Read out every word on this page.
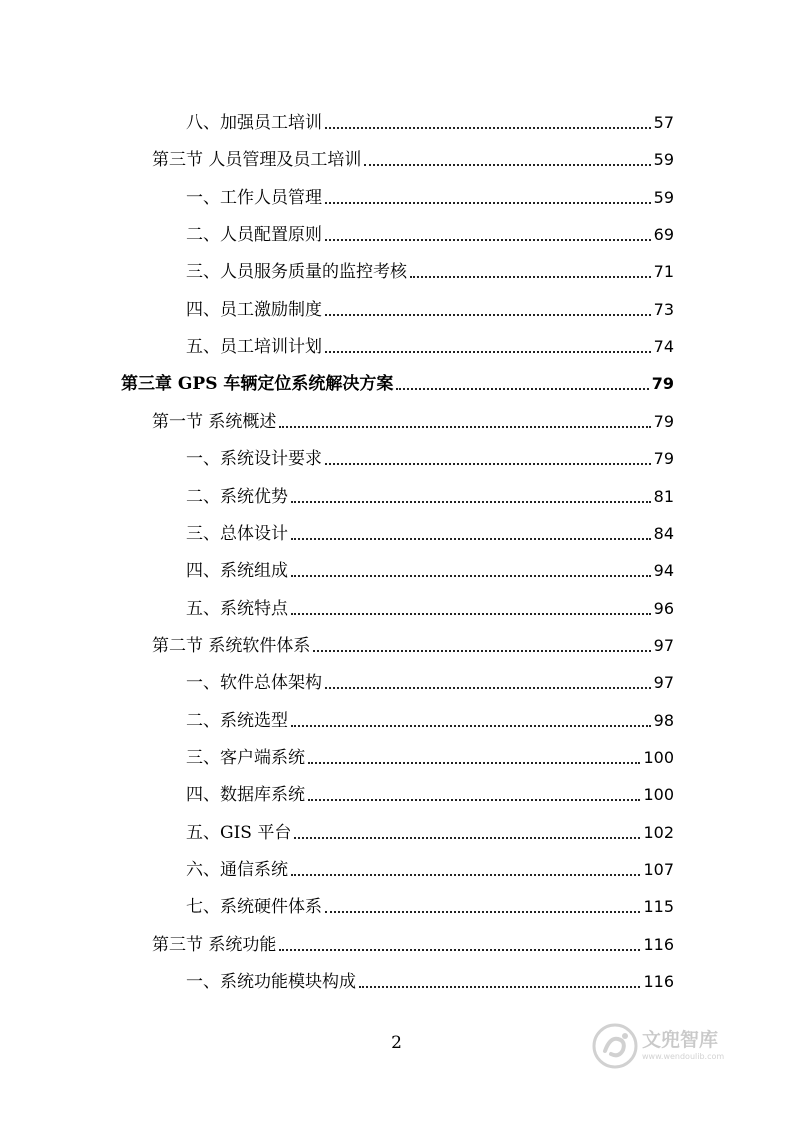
八、加强员工培训	57
第三节 人员管理及员工培训	59
一、工作人员管理	59
二、人员配置原则	69
三、人员服务质量的监控考核	71
四、员工激励制度	73
五、员工培训计划	74
第三章 GPS 车辆定位系统解决方案	79
第一节 系统概述	79
一、系统设计要求	79
二、系统优势	81
三、总体设计	84
四、系统组成	94
五、系统特点	96
第二节 系统软件体系	97
一、软件总体架构	97
二、系统选型	98
三、客户端系统	100
四、数据库系统	100
五、GIS 平台	102
六、通信系统	107
七、系统硬件体系	115
第三节 系统功能	116
一、系统功能模块构成	116
2	文兜智库
www.wendoulib.com
